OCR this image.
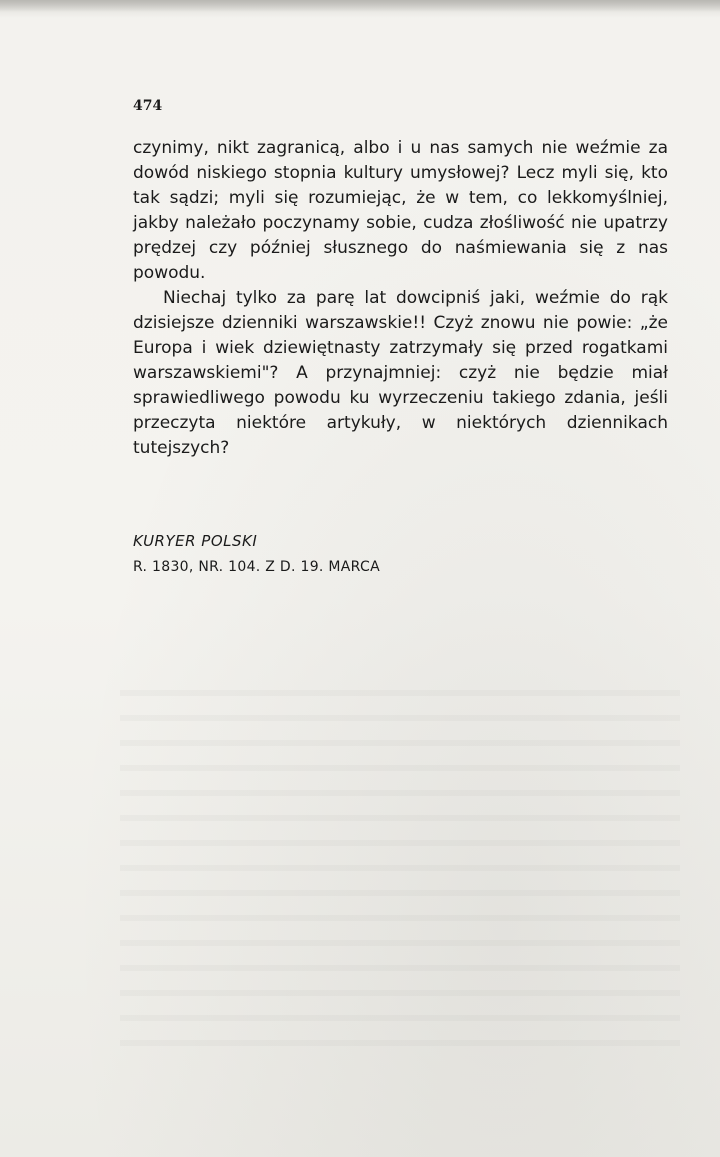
474

czynimy, nikt zagranicą, albo i u nas samych nie weźmie za dowód niskiego stopnia kultury umysłowej? Lecz myli się, kto tak sądzi; myli się rozumiejąc, że w tem, co lekkomyślniej, jakby należało poczynamy sobie, cudza złośliwość nie upatrzy prędzej czy później słusznego do naśmiewania się z nas powodu.

Niechaj tylko za parę lat dowcipniś jaki, weźmie do rąk dzisiejsze dzienniki warszawskie!! Czyż znowu nie powie: „że Europa i wiek dziewiętnasty zatrzymały się przed rogatkami warszawskiemi"? A przynajmniej: czyż nie będzie miał sprawiedliwego powodu ku wyrzeczeniu takiego zdania, jeśli przeczyta niektóre artykuły, w niektórych dziennikach tutejszych?

KURYER POLSKI
R. 1830, NR. 104. Z D. 19. MARCA
